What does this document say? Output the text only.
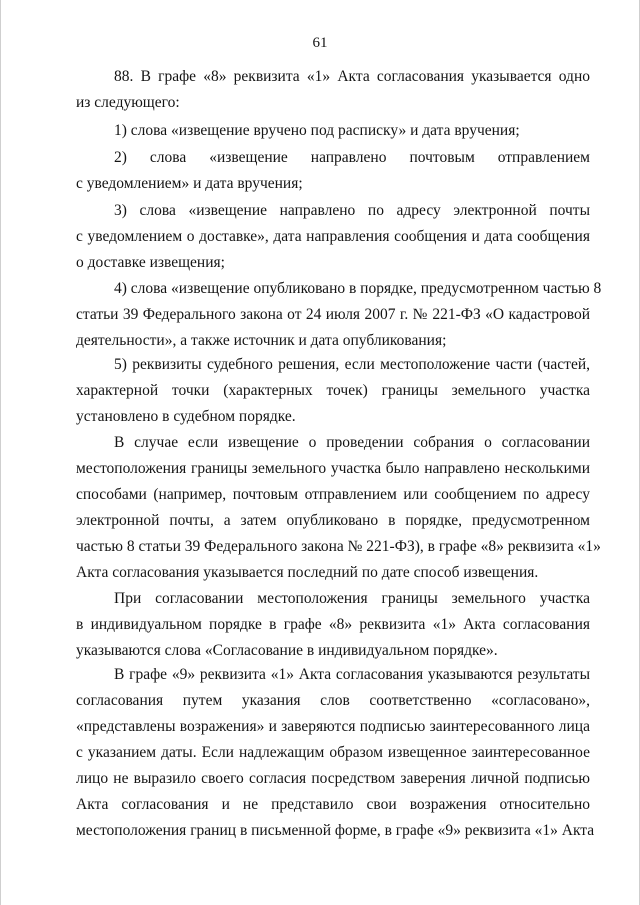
61
88. В графе «8» реквизита «1» Акта согласования указывается одно
из следующего:
1) слова «извещение вручено под расписку» и дата вручения;
2) слова «извещение направлено почтовым отправлением
с уведомлением» и дата вручения;
3) слова «извещение направлено по адресу электронной почты
с уведомлением о доставке», дата направления сообщения и дата сообщения
о доставке извещения;
4) слова «извещение опубликовано в порядке, предусмотренном частью 8
статьи 39 Федерального закона от 24 июля 2007 г. № 221-ФЗ «О кадастровой
деятельности», а также источник и дата опубликования;
5) реквизиты судебного решения, если местоположение части (частей,
характерной точки (характерных точек) границы земельного участка
установлено в судебном порядке.
В случае если извещение о проведении собрания о согласовании
местоположения границы земельного участка было направлено несколькими
способами (например, почтовым отправлением или сообщением по адресу
электронной почты, а затем опубликовано в порядке, предусмотренном
частью 8 статьи 39 Федерального закона № 221-ФЗ), в графе «8» реквизита «1»
Акта согласования указывается последний по дате способ извещения.
При согласовании местоположения границы земельного участка
в индивидуальном порядке в графе «8» реквизита «1» Акта согласования
указываются слова «Согласование в индивидуальном порядке».
В графе «9» реквизита «1» Акта согласования указываются результаты
согласования путем указания слов соответственно «согласовано»,
«представлены возражения» и заверяются подписью заинтересованного лица
с указанием даты. Если надлежащим образом извещенное заинтересованное
лицо не выразило своего согласия посредством заверения личной подписью
Акта согласования и не представило свои возражения относительно
местоположения границ в письменной форме, в графе «9» реквизита «1» Акта
